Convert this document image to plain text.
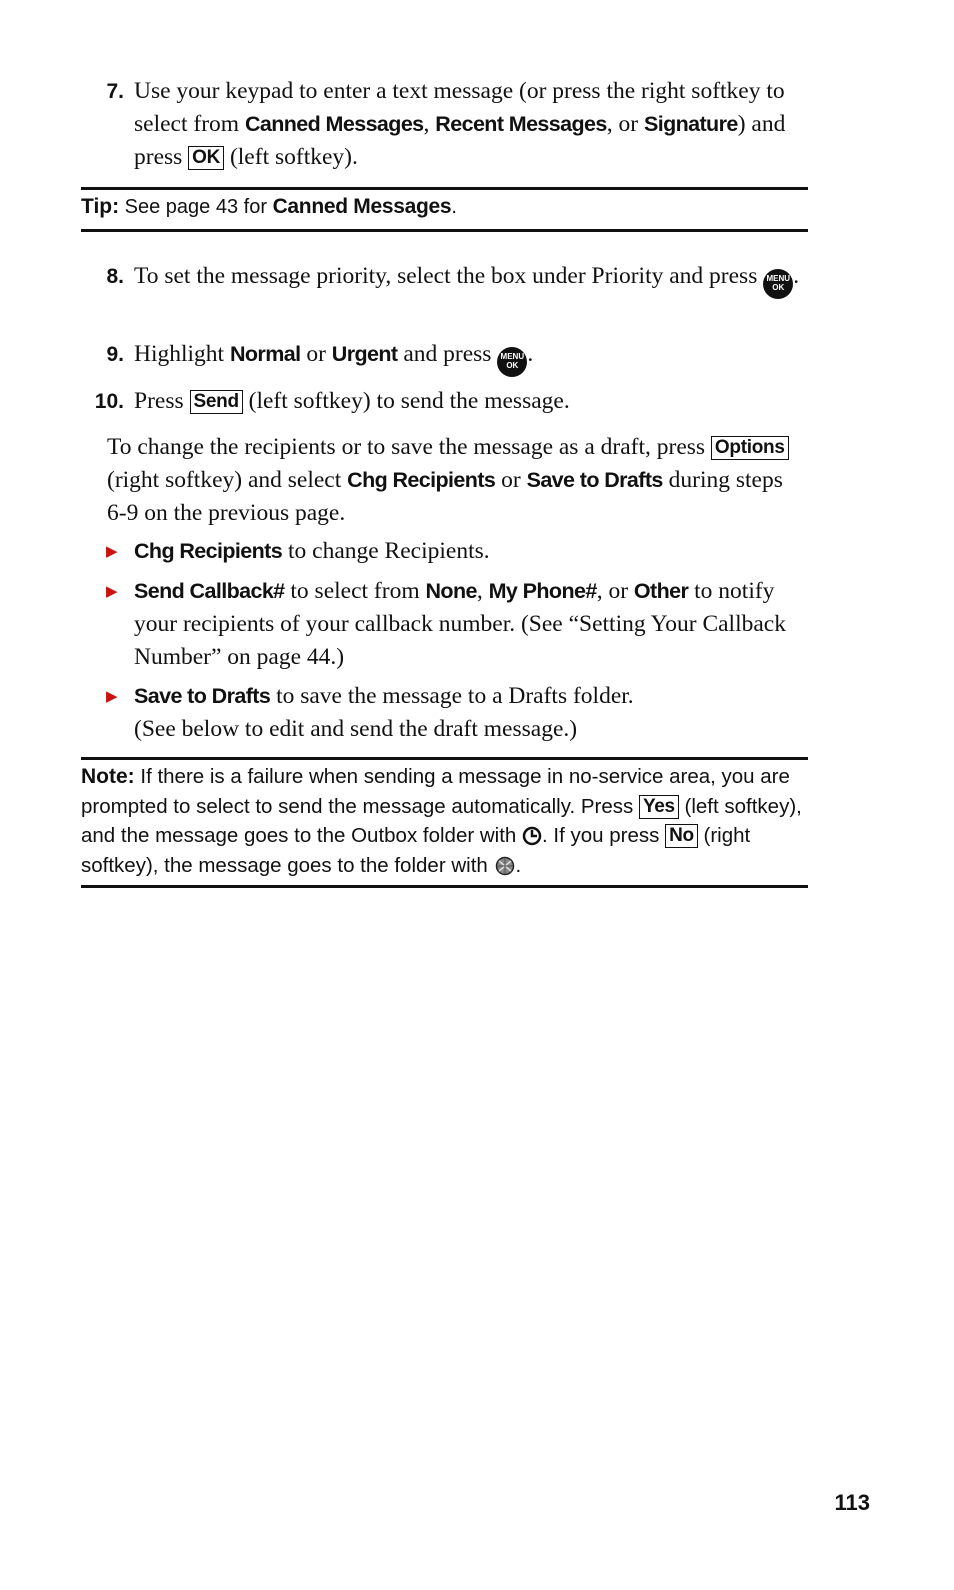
7. Use your keypad to enter a text message (or press the right softkey to select from Canned Messages, Recent Messages, or Signature) and press OK (left softkey).
Tip: See page 43 for Canned Messages.
8. To set the message priority, select the box under Priority and press MENU
OK .
9. Highlight Normal or Urgent and press MENU
OK .
10. Press Send (left softkey) to send the message.
To change the recipients or to save the message as a draft, press Options (right softkey) and select Chg Recipients or Save to Drafts during steps 6-9 on the previous page.
▶ Chg Recipients to change Recipients.
▶ Send Callback# to select from None, My Phone#, or Other to notify your recipients of your callback number. (See “Setting Your Callback Number” on page 44.)
▶ Save to Drafts to save the message to a Drafts folder.
(See below to edit and send the draft message.)
Note: If there is a failure when sending a message in no-service area, you are prompted to select to send the message automatically. Press Yes (left softkey), and the message goes to the Outbox folder with . If you press No (right softkey), the message goes to the folder with .
113
